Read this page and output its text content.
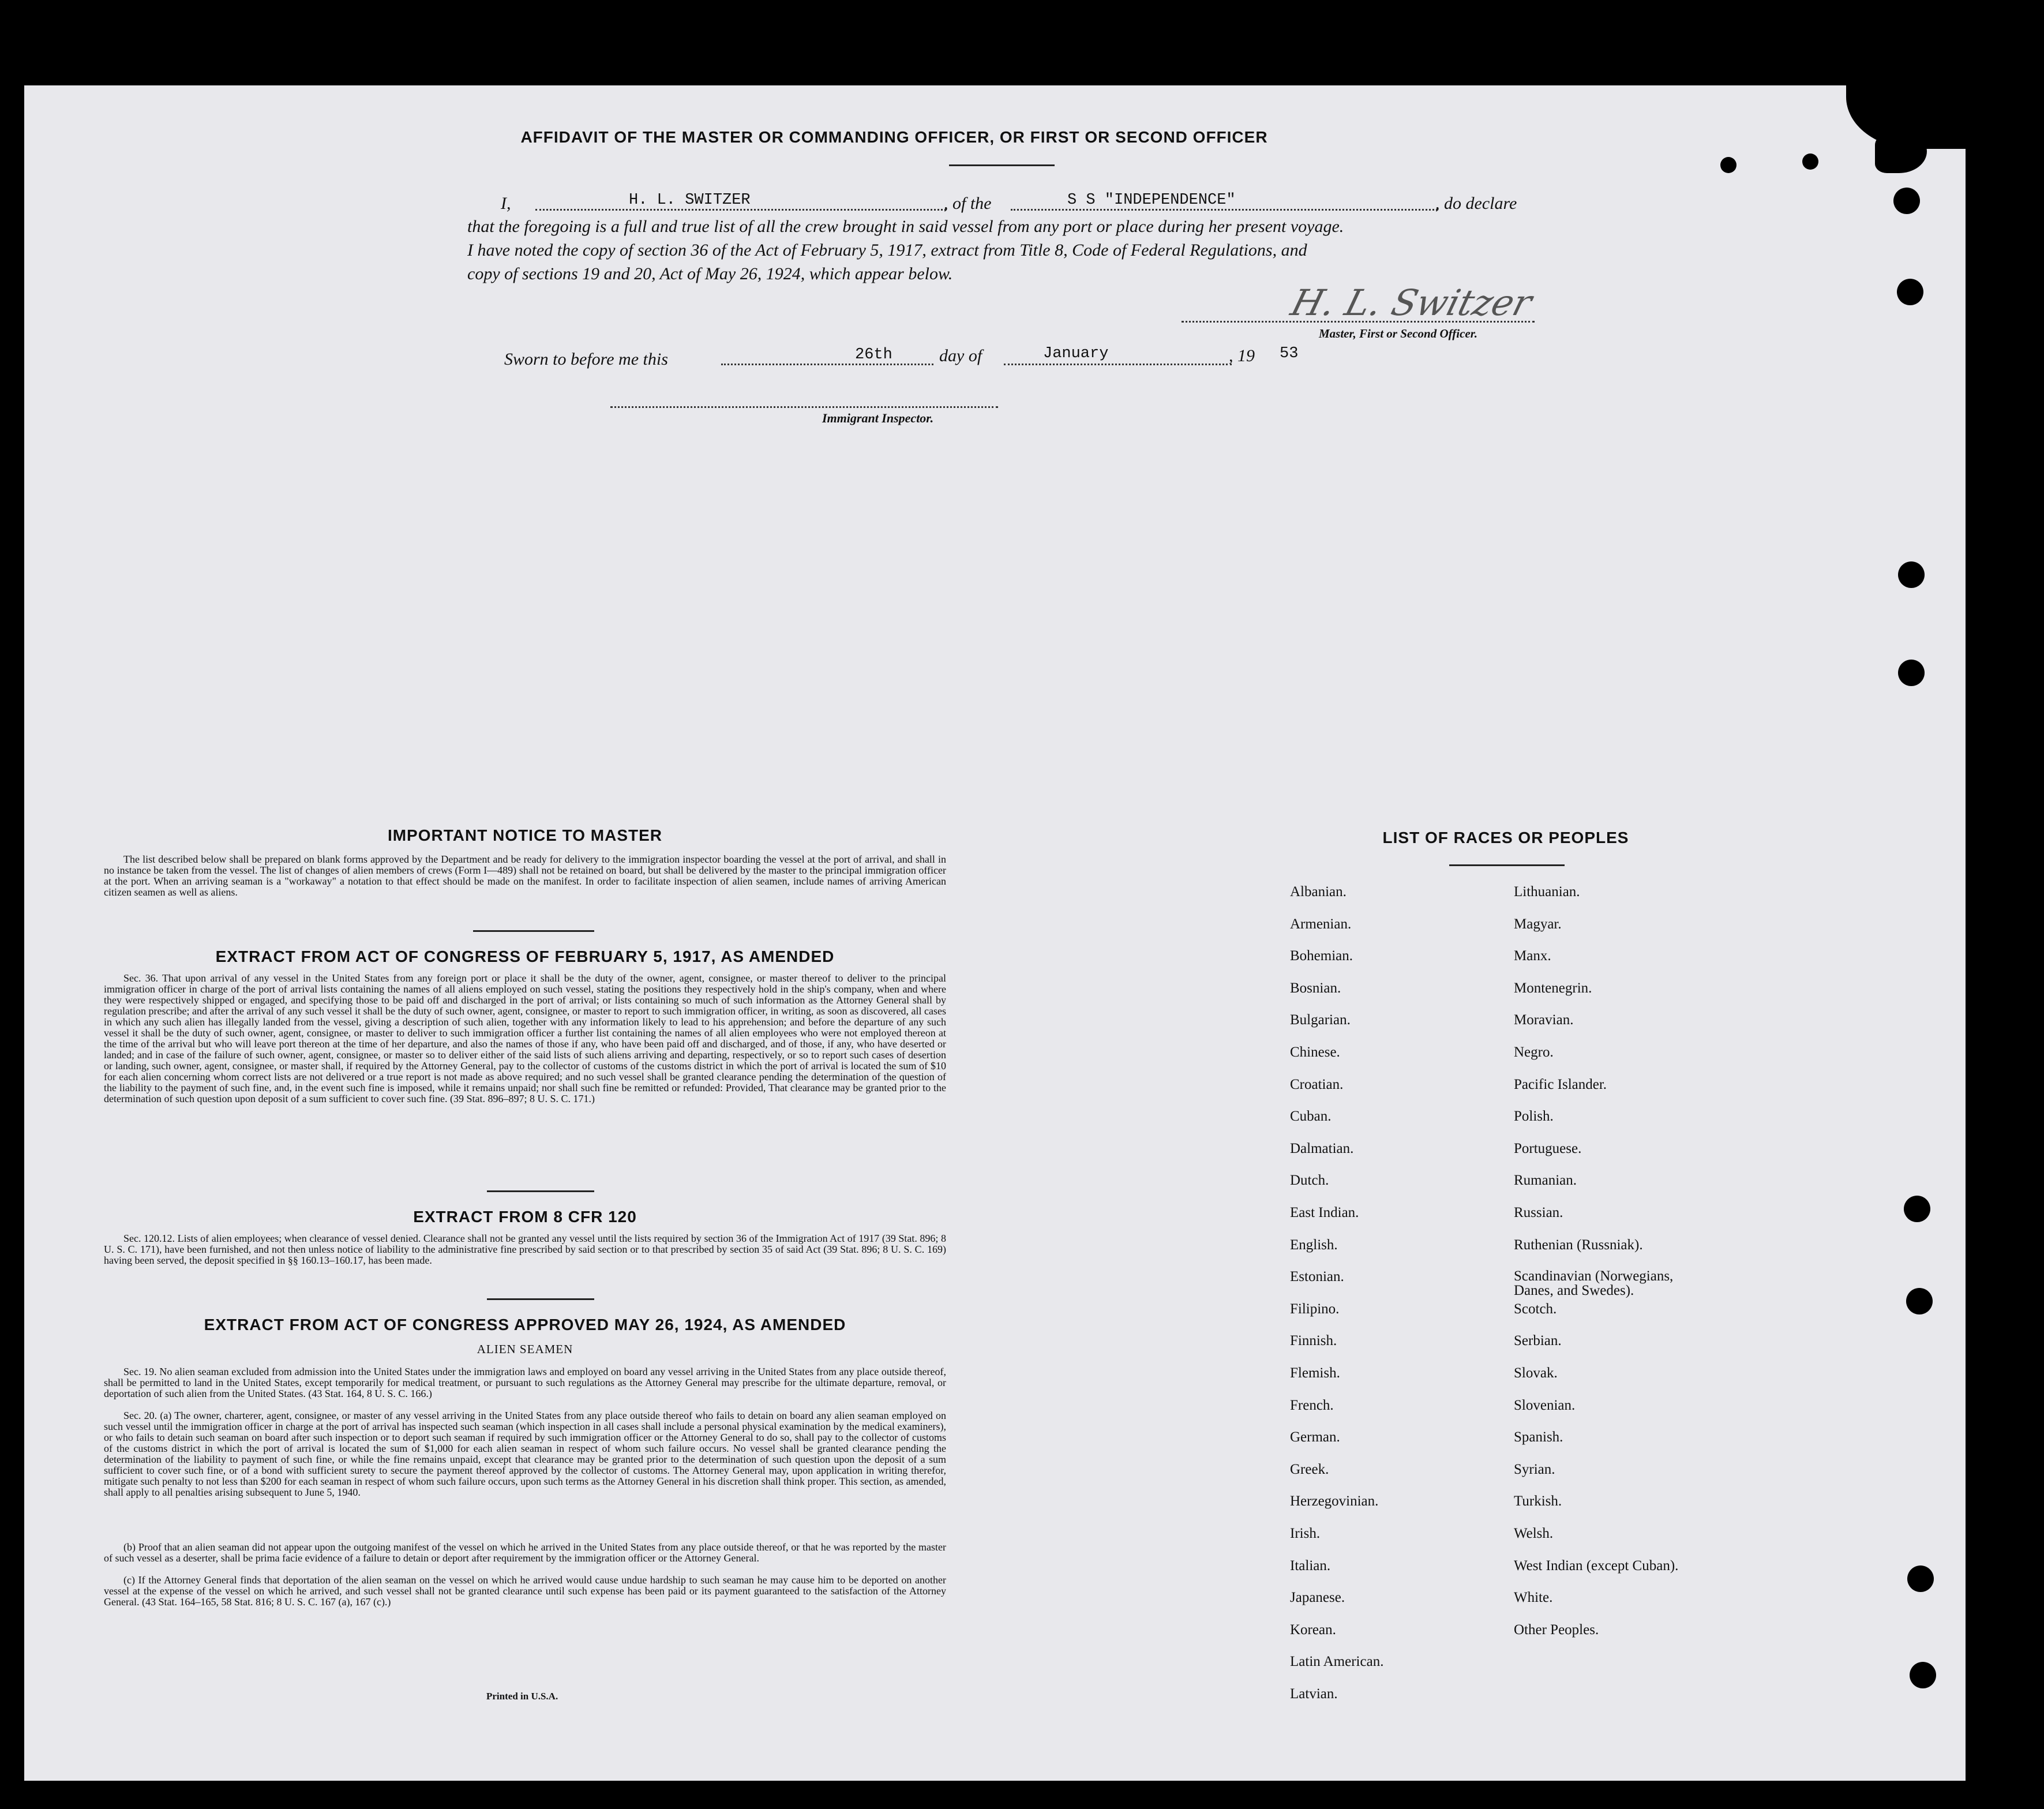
AFFIDAVIT OF THE MASTER OR COMMANDING OFFICER, OR FIRST OR SECOND OFFICER
I,	H. L. SWITZER	, of the	S S "INDEPENDENCE"	, do declare
that the foregoing is a full and true list of all the crew brought in said vessel from any port or place during her present voyage.
I have noted the copy of section 36 of the Act of February 5, 1917, extract from Title 8, Code of Federal Regulations, and
copy of sections 19 and 20, Act of May 26, 1924, which appear below.
H. L. Switzer
Master, First or Second Officer.
Sworn to before me this	26th	day of	January	, 19 53
Immigrant Inspector.
IMPORTANT NOTICE TO MASTER
The list described below shall be prepared on blank forms approved by the Department and be ready for delivery to the immigration inspector boarding the vessel at the port of arrival, and shall in no instance be taken from the vessel. The list of changes of alien members of crews (Form I—489) shall not be retained on board, but shall be delivered by the master to the principal immigration officer at the port. When an arriving seaman is a "workaway" a notation to that effect should be made on the manifest. In order to facilitate inspection of alien seamen, include names of arriving American citizen seamen as well as aliens.
EXTRACT FROM ACT OF CONGRESS OF FEBRUARY 5, 1917, AS AMENDED
Sec. 36. That upon arrival of any vessel in the United States from any foreign port or place it shall be the duty of the owner, agent, consignee, or master thereof to deliver to the principal immigration officer in charge of the port of arrival lists containing the names of all aliens employed on such vessel, stating the positions they respectively hold in the ship's company, when and where they were respectively shipped or engaged, and specifying those to be paid off and discharged in the port of arrival; or lists containing so much of such information as the Attorney General shall by regulation prescribe; and after the arrival of any such vessel it shall be the duty of such owner, agent, consignee, or master to report to such immigration officer, in writing, as soon as discovered, all cases in which any such alien has illegally landed from the vessel, giving a description of such alien, together with any information likely to lead to his apprehension; and before the departure of any such vessel it shall be the duty of such owner, agent, consignee, or master to deliver to such immigration officer a further list containing the names of all alien employees who were not employed thereon at the time of the arrival but who will leave port thereon at the time of her departure, and also the names of those if any, who have been paid off and discharged, and of those, if any, who have deserted or landed; and in case of the failure of such owner, agent, consignee, or master so to deliver either of the said lists of such aliens arriving and departing, respectively, or so to report such cases of desertion or landing, such owner, agent, consignee, or master shall, if required by the Attorney General, pay to the collector of customs of the customs district in which the port of arrival is located the sum of $10 for each alien concerning whom correct lists are not delivered or a true report is not made as above required; and no such vessel shall be granted clearance pending the determination of the question of the liability to the payment of such fine, and, in the event such fine is imposed, while it remains unpaid; nor shall such fine be remitted or refunded: Provided, That clearance may be granted prior to the determination of such question upon deposit of a sum sufficient to cover such fine. (39 Stat. 896–897; 8 U. S. C. 171.)
EXTRACT FROM 8 CFR 120
Sec. 120.12. Lists of alien employees; when clearance of vessel denied. Clearance shall not be granted any vessel until the lists required by section 36 of the Immigration Act of 1917 (39 Stat. 896; 8 U. S. C. 171), have been furnished, and not then unless notice of liability to the administrative fine prescribed by said section or to that prescribed by section 35 of said Act (39 Stat. 896; 8 U. S. C. 169) having been served, the deposit specified in §§ 160.13–160.17, has been made.
EXTRACT FROM ACT OF CONGRESS APPROVED MAY 26, 1924, AS AMENDED
ALIEN SEAMEN
Sec. 19. No alien seaman excluded from admission into the United States under the immigration laws and employed on board any vessel arriving in the United States from any place outside thereof, shall be permitted to land in the United States, except temporarily for medical treatment, or pursuant to such regulations as the Attorney General may prescribe for the ultimate departure, removal, or deportation of such alien from the United States. (43 Stat. 164, 8 U. S. C. 166.)
Sec. 20. (a) The owner, charterer, agent, consignee, or master of any vessel arriving in the United States from any place outside thereof who fails to detain on board any alien seaman employed on such vessel until the immigration officer in charge at the port of arrival has inspected such seaman (which inspection in all cases shall include a personal physical examination by the medical examiners), or who fails to detain such seaman on board after such inspection or to deport such seaman if required by such immigration officer or the Attorney General to do so, shall pay to the collector of customs of the customs district in which the port of arrival is located the sum of $1,000 for each alien seaman in respect of whom such failure occurs. No vessel shall be granted clearance pending the determination of the liability to payment of such fine, or while the fine remains unpaid, except that clearance may be granted prior to the determination of such question upon the deposit of a sum sufficient to cover such fine, or of a bond with sufficient surety to secure the payment thereof approved by the collector of customs. The Attorney General may, upon application in writing therefor, mitigate such penalty to not less than $200 for each seaman in respect of whom such failure occurs, upon such terms as the Attorney General in his discretion shall think proper. This section, as amended, shall apply to all penalties arising subsequent to June 5, 1940.
(b) Proof that an alien seaman did not appear upon the outgoing manifest of the vessel on which he arrived in the United States from any place outside thereof, or that he was reported by the master of such vessel as a deserter, shall be prima facie evidence of a failure to detain or deport after requirement by the immigration officer or the Attorney General.
(c) If the Attorney General finds that deportation of the alien seaman on the vessel on which he arrived would cause undue hardship to such seaman he may cause him to be deported on another vessel at the expense of the vessel on which he arrived, and such vessel shall not be granted clearance until such expense has been paid or its payment guaranteed to the satisfaction of the Attorney General. (43 Stat. 164–165, 58 Stat. 816; 8 U. S. C. 167 (a), 167 (c).)
Printed in U.S.A.
LIST OF RACES OR PEOPLES
Albanian.
Armenian.
Bohemian.
Bosnian.
Bulgarian.
Chinese.
Croatian.
Cuban.
Dalmatian.
Dutch.
East Indian.
English.
Estonian.
Filipino.
Finnish.
Flemish.
French.
German.
Greek.
Herzegovinian.
Irish.
Italian.
Japanese.
Korean.
Latin American.
Latvian.
Lithuanian.
Magyar.
Manx.
Montenegrin.
Moravian.
Negro.
Pacific Islander.
Polish.
Portuguese.
Rumanian.
Russian.
Ruthenian (Russniak).
Scandinavian (Norwegians, Danes, and Swedes).
Scotch.
Serbian.
Slovak.
Slovenian.
Spanish.
Syrian.
Turkish.
Welsh.
West Indian (except Cuban).
White.
Other Peoples.
